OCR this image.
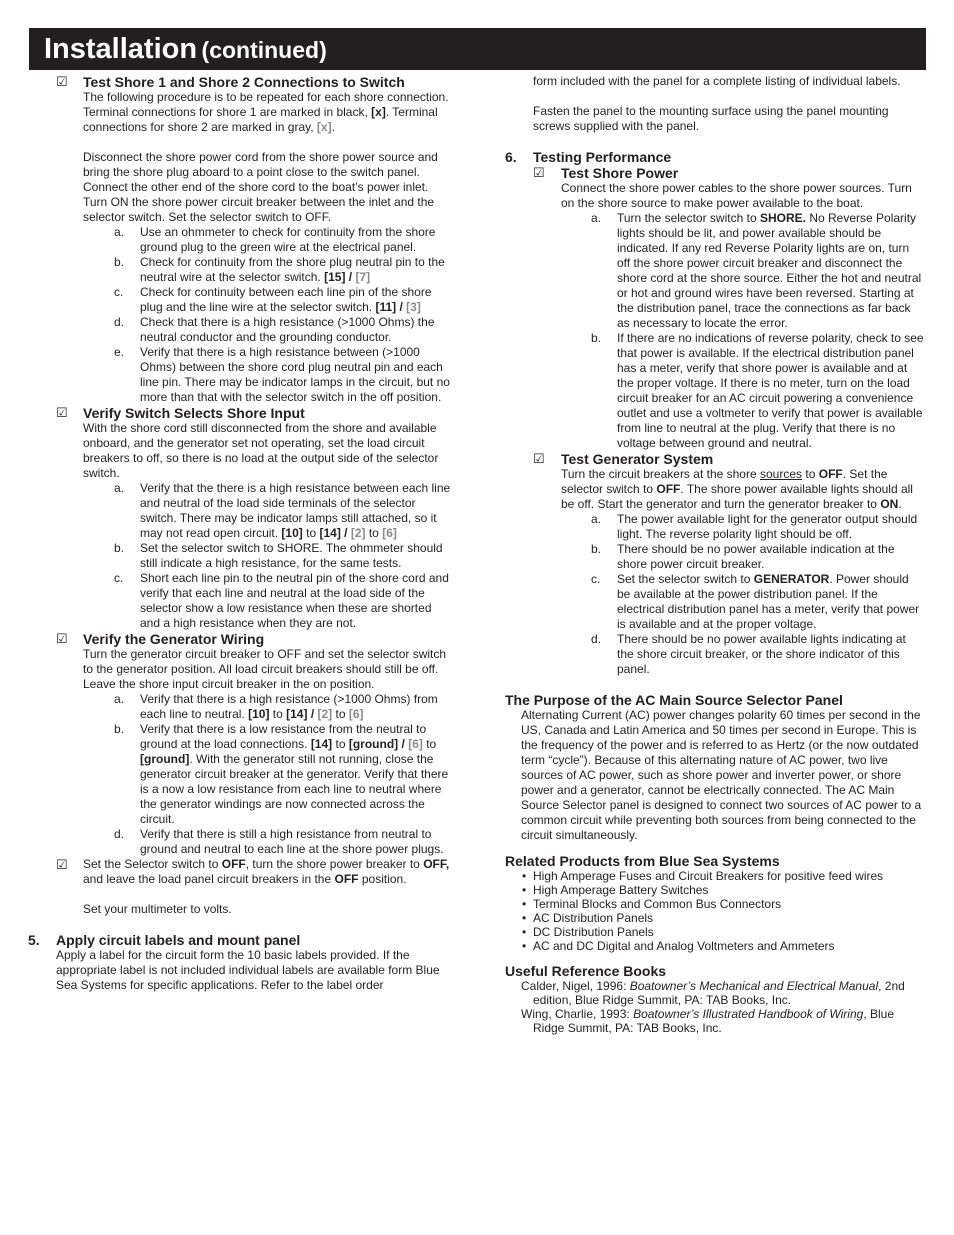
Installation (continued)
☑ Test Shore 1 and Shore 2 Connections to Switch

The following procedure is to be repeated for each shore connection. Terminal connections for shore 1 are marked in black, [x]. Terminal connections for shore 2 are marked in gray, [x].

Disconnect the shore power cord from the shore power source and bring the shore plug aboard to a point close to the switch panel. Connect the other end of the shore cord to the boat’s power inlet. Turn ON the shore power circuit breaker between the inlet and the selector switch. Set the selector switch to OFF.

a. Use an ohmmeter to check for continuity from the shore ground plug to the green wire at the electrical panel.
b. Check for continuity from the shore plug neutral pin to the neutral wire at the selector switch. [15] / [7]
c. Check for continuity between each line pin of the shore plug and the line wire at the selector switch. [11] / [3]
d. Check that there is a high resistance (>1000 Ohms) the neutral conductor and the grounding conductor.
e. Verify that there is a high resistance between (>1000 Ohms) between the shore cord plug neutral pin and each line pin. There may be indicator lamps in the circuit, but no more than that with the selector switch in the off position.
☑ Verify Switch Selects Shore Input

With the shore cord still disconnected from the shore and available onboard, and the generator set not operating, set the load circuit breakers to off, so there is no load at the output side of the selector switch.

a. Verify that the there is a high resistance between each line and neutral of the load side terminals of the selector switch. There may be indicator lamps still attached, so it may not read open circuit. [10] to [14] / [2] to [6]
b. Set the selector switch to SHORE. The ohmmeter should still indicate a high resistance, for the same tests.
c. Short each line pin to the neutral pin of the shore cord and verify that each line and neutral at the load side of the selector show a low resistance when these are shorted and a high resistance when they are not.
☑ Verify the Generator Wiring

Turn the generator circuit breaker to OFF and set the selector switch to the generator position. All load circuit breakers should still be off. Leave the shore input circuit breaker in the on position.

a. Verify that there is a high resistance (>1000 Ohms) from each line to neutral. [10] to [14] / [2] to [6]
b. Verify that there is a low resistance from the neutral to ground at the load connections. [14] to [ground] / [6] to [ground]. With the generator still not running, close the generator circuit breaker at the generator. Verify that there is a now a low resistance from each line to neutral where the generator windings are now connected across the circuit.
d. Verify that there is still a high resistance from neutral to ground and neutral to each line at the shore power plugs.
☑ Set the Selector switch to OFF, turn the shore power breaker to OFF, and leave the load panel circuit breakers in the OFF position.

Set your multimeter to volts.

5. Apply circuit labels and mount panel

Apply a label for the circuit form the 10 basic labels provided. If the appropriate label is not included individual labels are available form Blue Sea Systems for specific applications. Refer to the label order

form included with the panel for a complete listing of individual labels.

Fasten the panel to the mounting surface using the panel mounting screws supplied with the panel.

6. Testing Performance

☑ Test Shore Power

Connect the shore power cables to the shore power sources. Turn on the shore source to make power available to the boat.

a. Turn the selector switch to SHORE. No Reverse Polarity lights should be lit, and power available should be indicated. If any red Reverse Polarity lights are on, turn off the shore power circuit breaker and disconnect the shore cord at the shore source. Either the hot and neutral or hot and ground wires have been reversed. Starting at the distribution panel, trace the connections as far back as necessary to locate the error.
b. If there are no indications of reverse polarity, check to see that power is available. If the electrical distribution panel has a meter, verify that shore power is available and at the proper voltage. If there is no meter, turn on the load circuit breaker for an AC circuit powering a convenience outlet and use a voltmeter to verify that power is available from line to neutral at the plug. Verify that there is no voltage between ground and neutral.
☑ Test Generator System

Turn the circuit breakers at the shore sources to OFF. Set the selector switch to OFF. The shore power available lights should all be off. Start the generator and turn the generator breaker to ON.

a. The power available light for the generator output should light. The reverse polarity light should be off.
b. There should be no power available indication at the shore power circuit breaker.
c. Set the selector switch to GENERATOR. Power should be available at the power distribution panel. If the electrical distribution panel has a meter, verify that power is available and at the proper voltage.
d. There should be no power available lights indicating at the shore circuit breaker, or the shore indicator of this panel.

The Purpose of the AC Main Source Selector Panel

Alternating Current (AC) power changes polarity 60 times per second in the US, Canada and Latin America and 50 times per second in Europe. This is the frequency of the power and is referred to as Hertz (or the now outdated term “cycle”). Because of this alternating nature of AC power, two live sources of AC power, such as shore power and inverter power, or shore power and a generator, cannot be electrically connected. The AC Main Source Selector panel is designed to connect two sources of AC power to a common circuit while preventing both sources from being connected to the circuit simultaneously.

Related Products from Blue Sea Systems

• High Amperage Fuses and Circuit Breakers for positive feed wires
• High Amperage Battery Switches
• Terminal Blocks and Common Bus Connectors
• AC Distribution Panels
• DC Distribution Panels
• AC and DC Digital and Analog Voltmeters and Ammeters

Useful Reference Books

Calder, Nigel, 1996: Boatowner’s Mechanical and Electrical Manual, 2nd edition, Blue Ridge Summit, PA: TAB Books, Inc.

Wing, Charlie, 1993: Boatowner’s Illustrated Handbook of Wiring, Blue Ridge Summit, PA: TAB Books, Inc.
